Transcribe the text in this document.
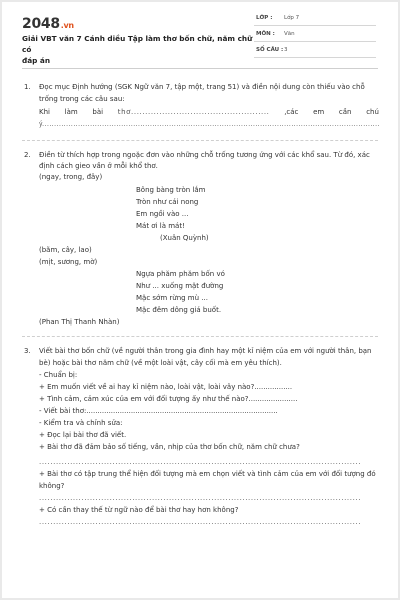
2048.vn
Giải VBT văn 7 Cánh diều Tập làm thơ bốn chữ, năm chữ có
đáp án
LỚP : Lớp 7
MÔN : Văn
SỐ CÂU : 3
1. Đọc mục Định hướng (SGK Ngữ văn 7, tập một, trang 51) và điền nội dung còn thiếu vào chỗ
trống trong các câu sau:
Khi làm bài thơ................................................. ,các em cần chú
ý.............................................................................................................................................
2. Điền từ thích hợp trong ngoặc đơn vào những chỗ trống tương ứng với các khổ sau. Từ đó, xác
định cách gieo vần ở mỗi khổ thơ.
(ngay, trong, đây)
Bông bàng tròn lắm
Tròn như cái nong
Em ngồi vào ...
Mát ơi là mát!
(Xuân Quỳnh)
(bãm, cây, lao)
(mịt, sương, mờ)
Ngựa phăm phăm bốn vó
Như ... xuống mặt đường
Mặc sớm rừng mù ...
Mặc đêm dông giá buốt.
(Phan Thị Thanh Nhàn)
3. Viết bài thơ bốn chữ (về người thân trong gia đình hay một kỉ niệm của em với người thân, bạn
bè) hoặc bài thơ năm chữ (về một loài vật, cây cối mà em yêu thích).
- Chuẩn bị:
+ Em muốn viết về ai hay kỉ niệm nào, loài vật, loài vây nào?.................
+ Tình cảm, cảm xúc của em với đối tượng ấy như thế nào?......................
- Viết bài thơ:......................................................................................
- Kiểm tra và chỉnh sửa:
+ Đọc lại bài thơ đã viết.
+ Bài thơ đã đảm bảo số tiếng, vần, nhịp của thơ bốn chữ, năm chữ chưa?
..................................................................................................................
+ Bài thơ có tập trung thể hiện đối tượng mà em chọn viết và tình cảm của em với đối tượng đó
không?
..................................................................................................................
+ Có cần thay thế từ ngữ nào để bài thơ hay hơn không?
..................................................................................................................
